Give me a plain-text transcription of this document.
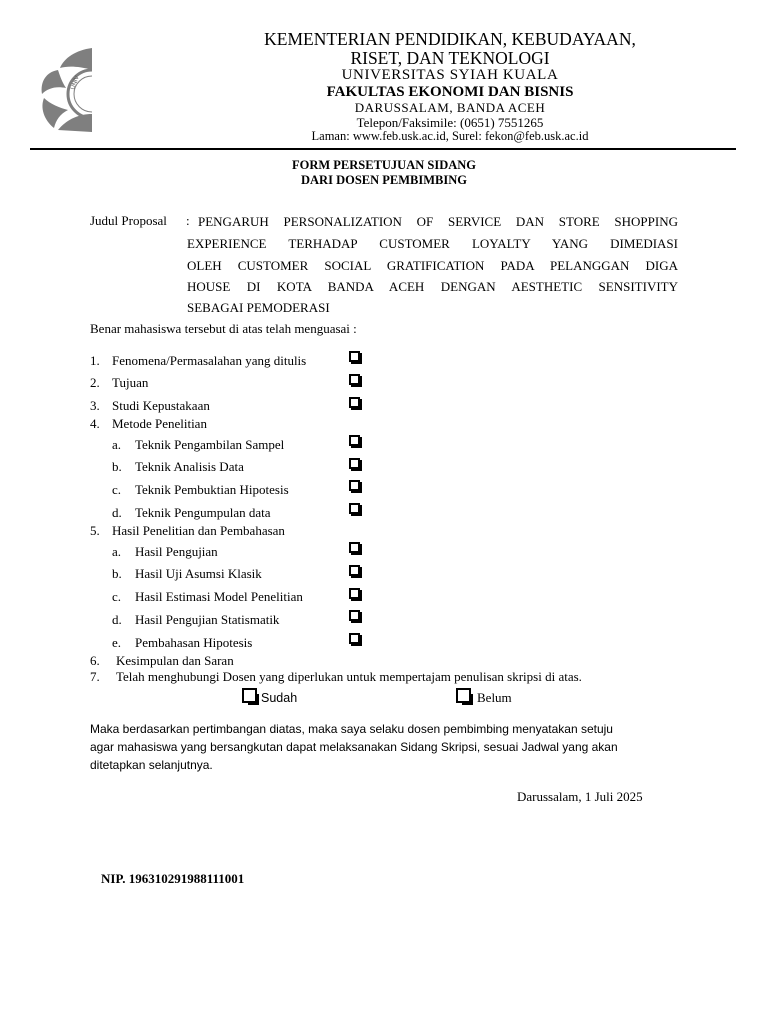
UNIV
KEMENTERIAN PENDIDIKAN, KEBUDAYAAN,
RISET, DAN TEKNOLOGI
UNIVERSITAS SYIAH KUALA
FAKULTAS EKONOMI DAN BISNIS
DARUSSALAM, BANDA ACEH
Telepon/Faksimile: (0651) 7551265
Laman: www.feb.usk.ac.id, Surel: fekon@feb.usk.ac.id
FORM PERSETUJUAN SIDANG
DARI DOSEN PEMBIMBING
Judul Proposal : PENGARUH PERSONALIZATION OF SERVICE DAN STORE SHOPPING
EXPERIENCE TERHADAP CUSTOMER LOYALTY YANG DIMEDIASI
OLEH CUSTOMER SOCIAL GRATIFICATION PADA PELANGGAN DIGA
HOUSE DI KOTA BANDA ACEH DENGAN AESTHETIC SENSITIVITY
SEBAGAI PEMODERASI
Benar mahasiswa tersebut di atas telah menguasai :
1. Fenomena/Permasalahan yang ditulis
2. Tujuan
3. Studi Kepustakaan
4. Metode Penelitian
a. Teknik Pengambilan Sampel
b. Teknik Analisis Data
c. Teknik Pembuktian Hipotesis
d. Teknik Pengumpulan data
5. Hasil Penelitian dan Pembahasan
a. Hasil Pengujian
b. Hasil Uji Asumsi Klasik
c. Hasil Estimasi Model Penelitian
d. Hasil Pengujian Statismatik
e. Pembahasan Hipotesis
6. Kesimpulan dan Saran
7. Telah menghubungi Dosen yang diperlukan untuk mempertajam penulisan skripsi di atas.
Sudah	Belum
Maka berdasarkan pertimbangan diatas, maka saya selaku dosen pembimbing menyatakan setuju
agar mahasiswa yang bersangkutan dapat melaksanakan Sidang Skripsi, sesuai Jadwal yang akan
ditetapkan selanjutnya.
Darussalam, 1 Juli 2025
NIP. 196310291988111001
